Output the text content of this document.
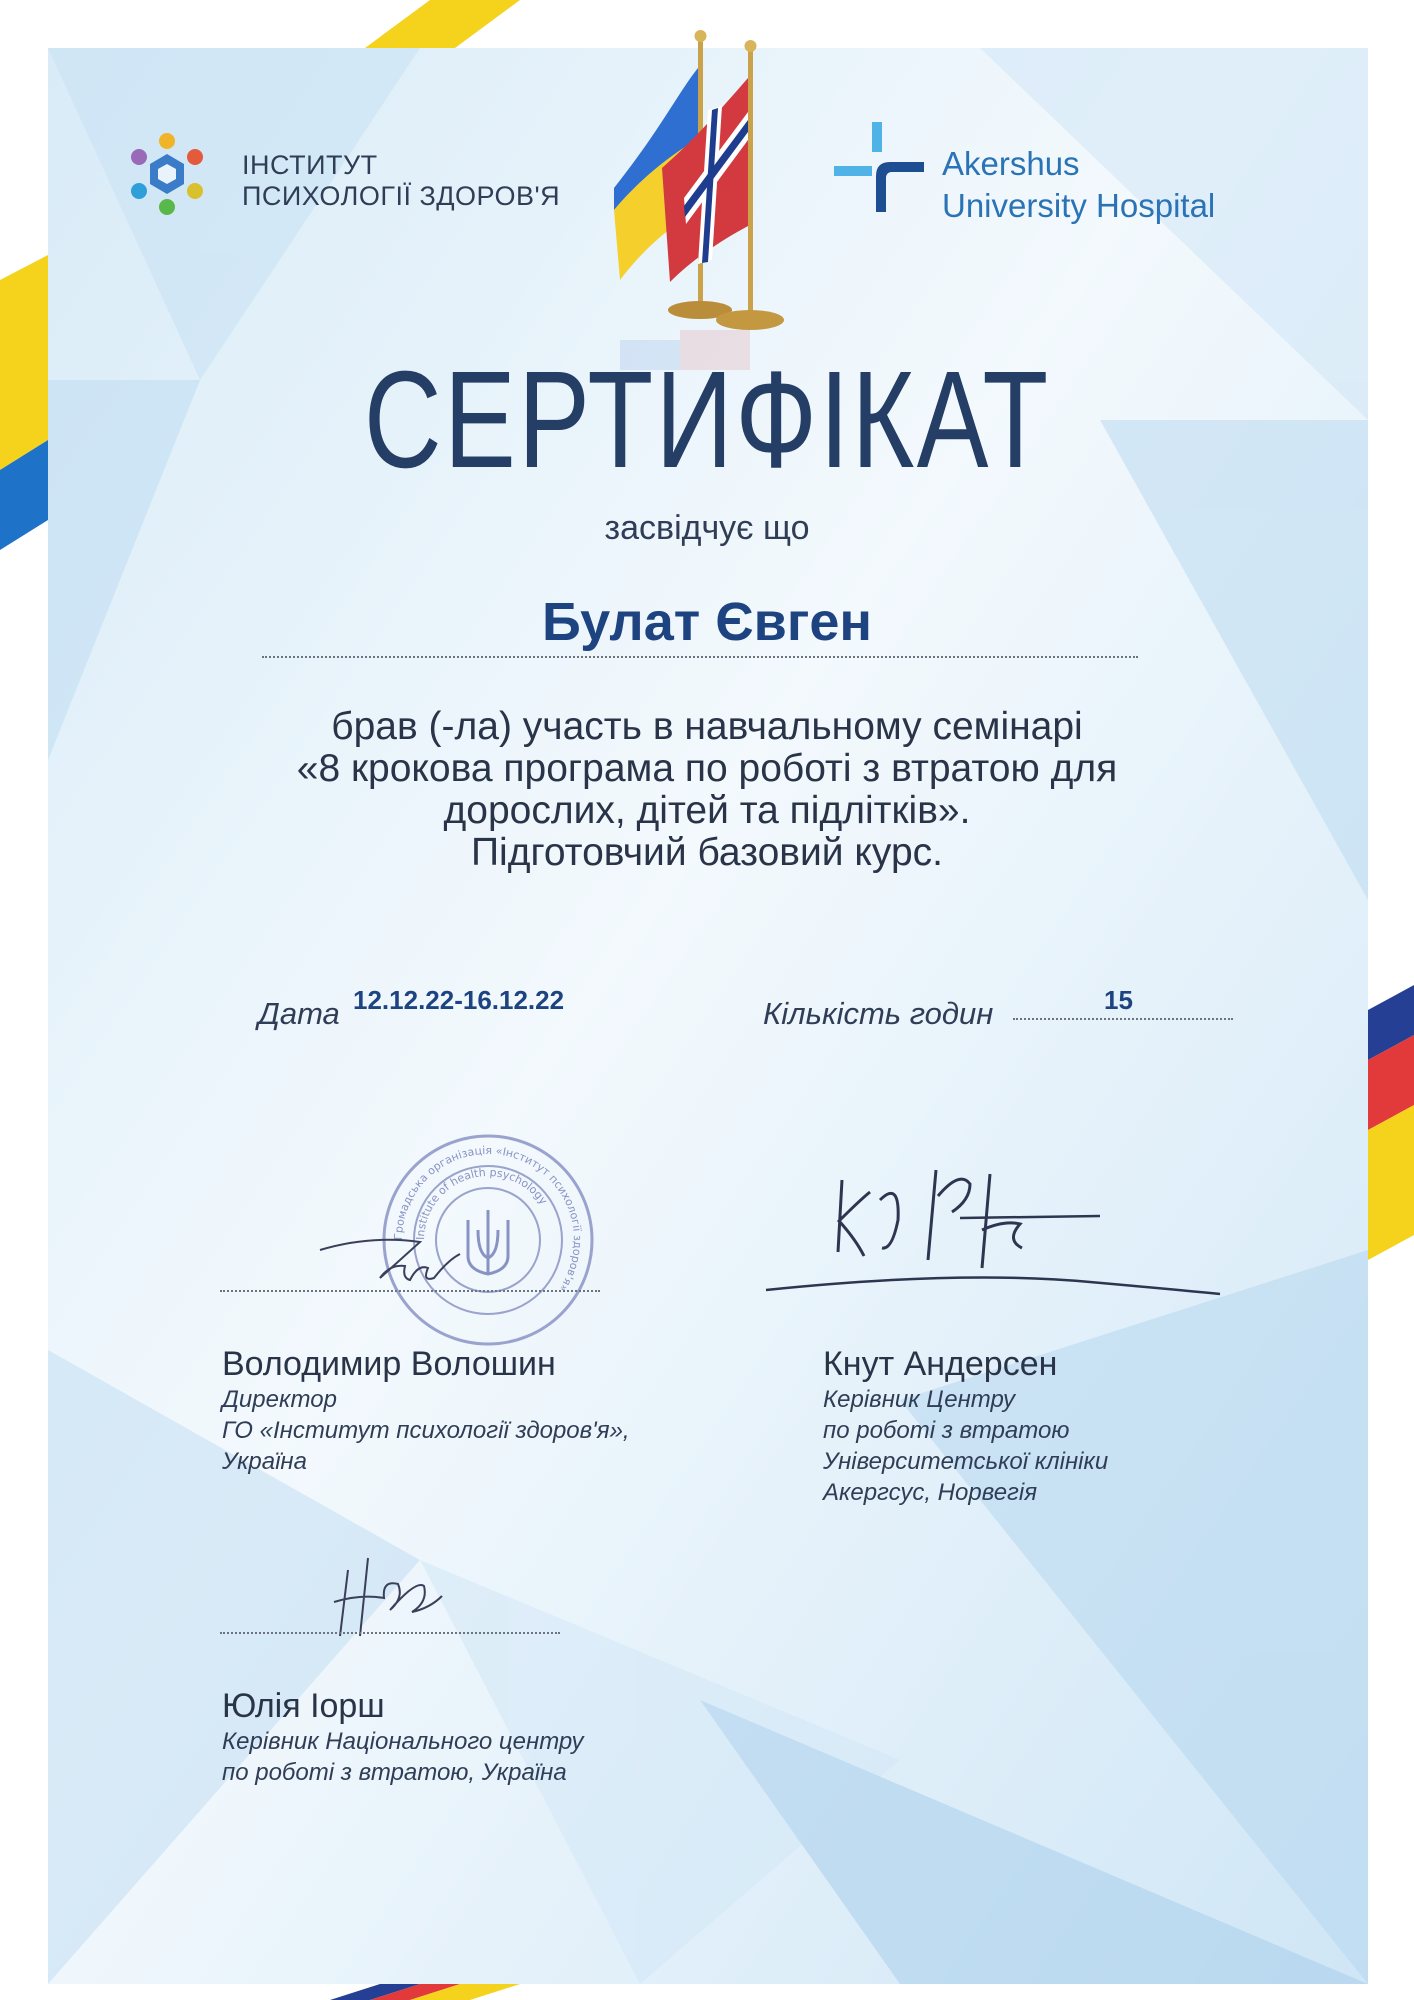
ІНСТИТУТ
ПСИХОЛОГІЇ ЗДОРОВ'Я
Akershus
University Hospital
СЕРТИФІКАТ
засвідчує що
Булат Євген
брав (-ла) участь в навчальному семінарі
«8 крокова програма по роботі з втратою для
дорослих, дітей та підлітків».
Підготовчий базовий курс.
Дата 12.12.22-16.12.22	Кількість годин	15
Громадська організація «Інститут психології здоров'я»
Institute of health psychology
Володимир Волошин
Директор
ГО «Інститут психології здоров'я»,
Україна
Кнут Андерсен
Керівник Центру
по роботі з втратою
Університетської клініки
Акергсус, Норвегія
Юлія Іорш
Керівник Національного центру
по роботі з втратою, Україна
